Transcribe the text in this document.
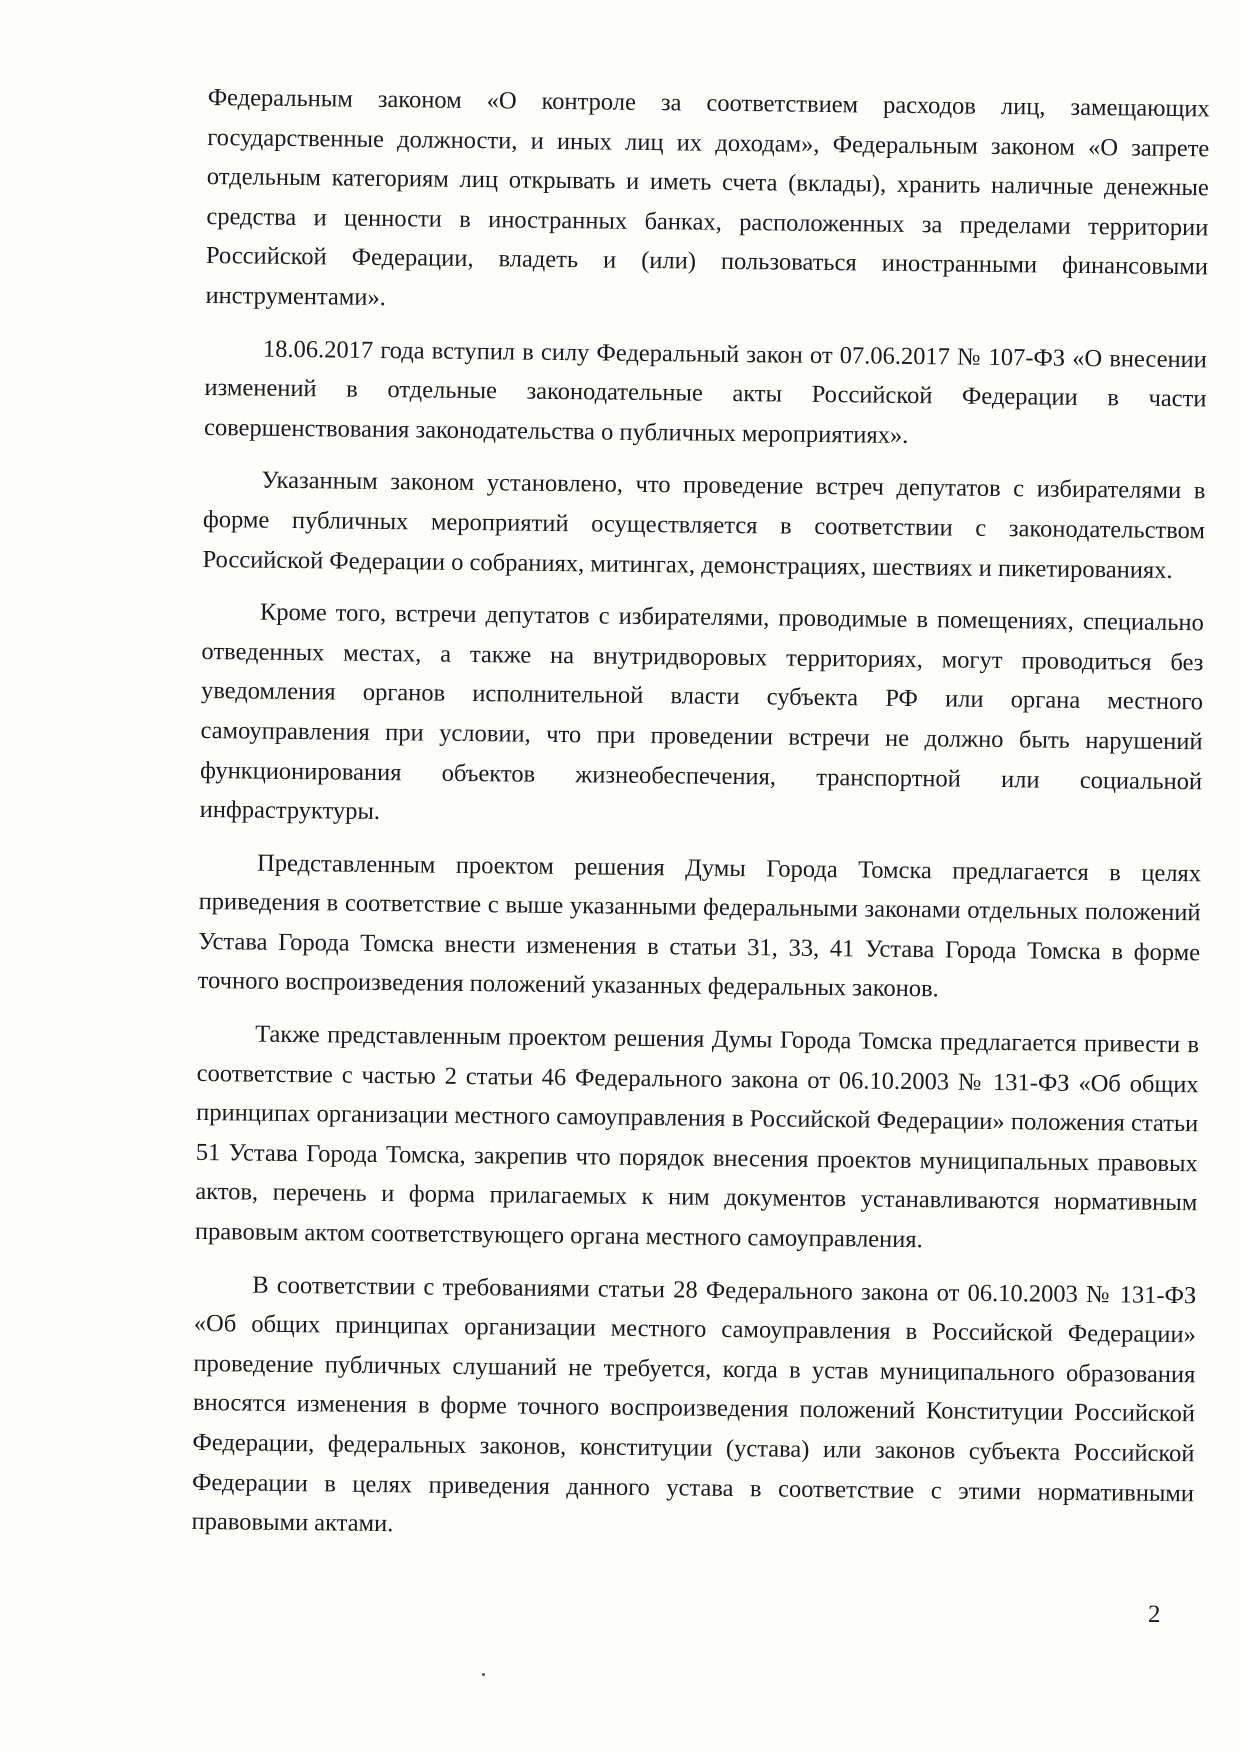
Федеральным законом «О контроле за соответствием расходов лиц, замещающих государственные должности, и иных лиц их доходам», Федеральным законом «О запрете отдельным категориям лиц открывать и иметь счета (вклады), хранить наличные денежные средства и ценности в иностранных банках, расположенных за пределами территории Российской Федерации, владеть и (или) пользоваться иностранными финансовыми инструментами».

18.06.2017 года вступил в силу Федеральный закон от 07.06.2017 № 107-ФЗ «О внесении изменений в отдельные законодательные акты Российской Федерации в части совершенствования законодательства о публичных мероприятиях».

Указанным законом установлено, что проведение встреч депутатов с избирателями в форме публичных мероприятий осуществляется в соответствии с законодательством Российской Федерации о собраниях, митингах, демонстрациях, шествиях и пикетированиях.

Кроме того, встречи депутатов с избирателями, проводимые в помещениях, специально отведенных местах, а также на внутридворовых территориях, могут проводиться без уведомления органов исполнительной власти субъекта РФ или органа местного самоуправления при условии, что при проведении встречи не должно быть нарушений функционирования объектов жизнеобеспечения, транспортной или социальной инфраструктуры.

Представленным проектом решения Думы Города Томска предлагается в целях приведения в соответствие с выше указанными федеральными законами отдельных положений Устава Города Томска внести изменения в статьи 31, 33, 41 Устава Города Томска в форме точного воспроизведения положений указанных федеральных законов.

Также представленным проектом решения Думы Города Томска предлагается привести в соответствие с частью 2 статьи 46 Федерального закона от 06.10.2003 № 131-ФЗ «Об общих принципах организации местного самоуправления в Российской Федерации» положения статьи 51 Устава Города Томска, закрепив что порядок внесения проектов муниципальных правовых актов, перечень и форма прилагаемых к ним документов устанавливаются нормативным правовым актом соответствующего органа местного самоуправления.

В соответствии с требованиями статьи 28 Федерального закона от 06.10.2003 № 131-ФЗ «Об общих принципах организации местного самоуправления в Российской Федерации» проведение публичных слушаний не требуется, когда в устав муниципального образования вносятся изменения в форме точного воспроизведения положений Конституции Российской Федерации, федеральных законов, конституции (устава) или законов субъекта Российской Федерации в целях приведения данного устава в соответствие с этими нормативными правовыми актами.

2
